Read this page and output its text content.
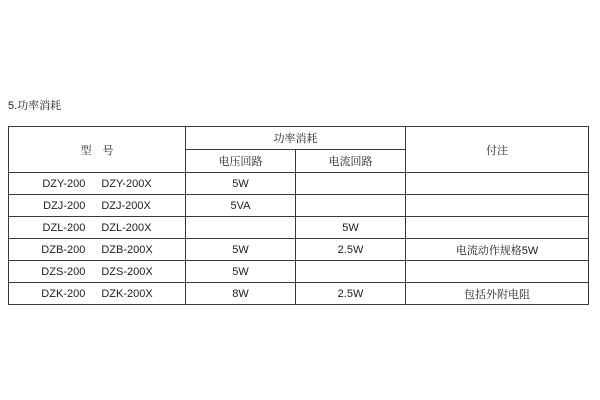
5.功率消耗
型　号	功率消耗		付注
	电压回路	电流回路	
DZY-200 DZY-200X	5W		
DZJ-200 DZJ-200X	5VA		
DZL-200 DZL-200X		5W	
DZB-200 DZB-200X	5W	2.5W	电流动作规格5W
DZS-200 DZS-200X	5W		
DZK-200 DZK-200X	8W	2.5W	包括外附电阻
